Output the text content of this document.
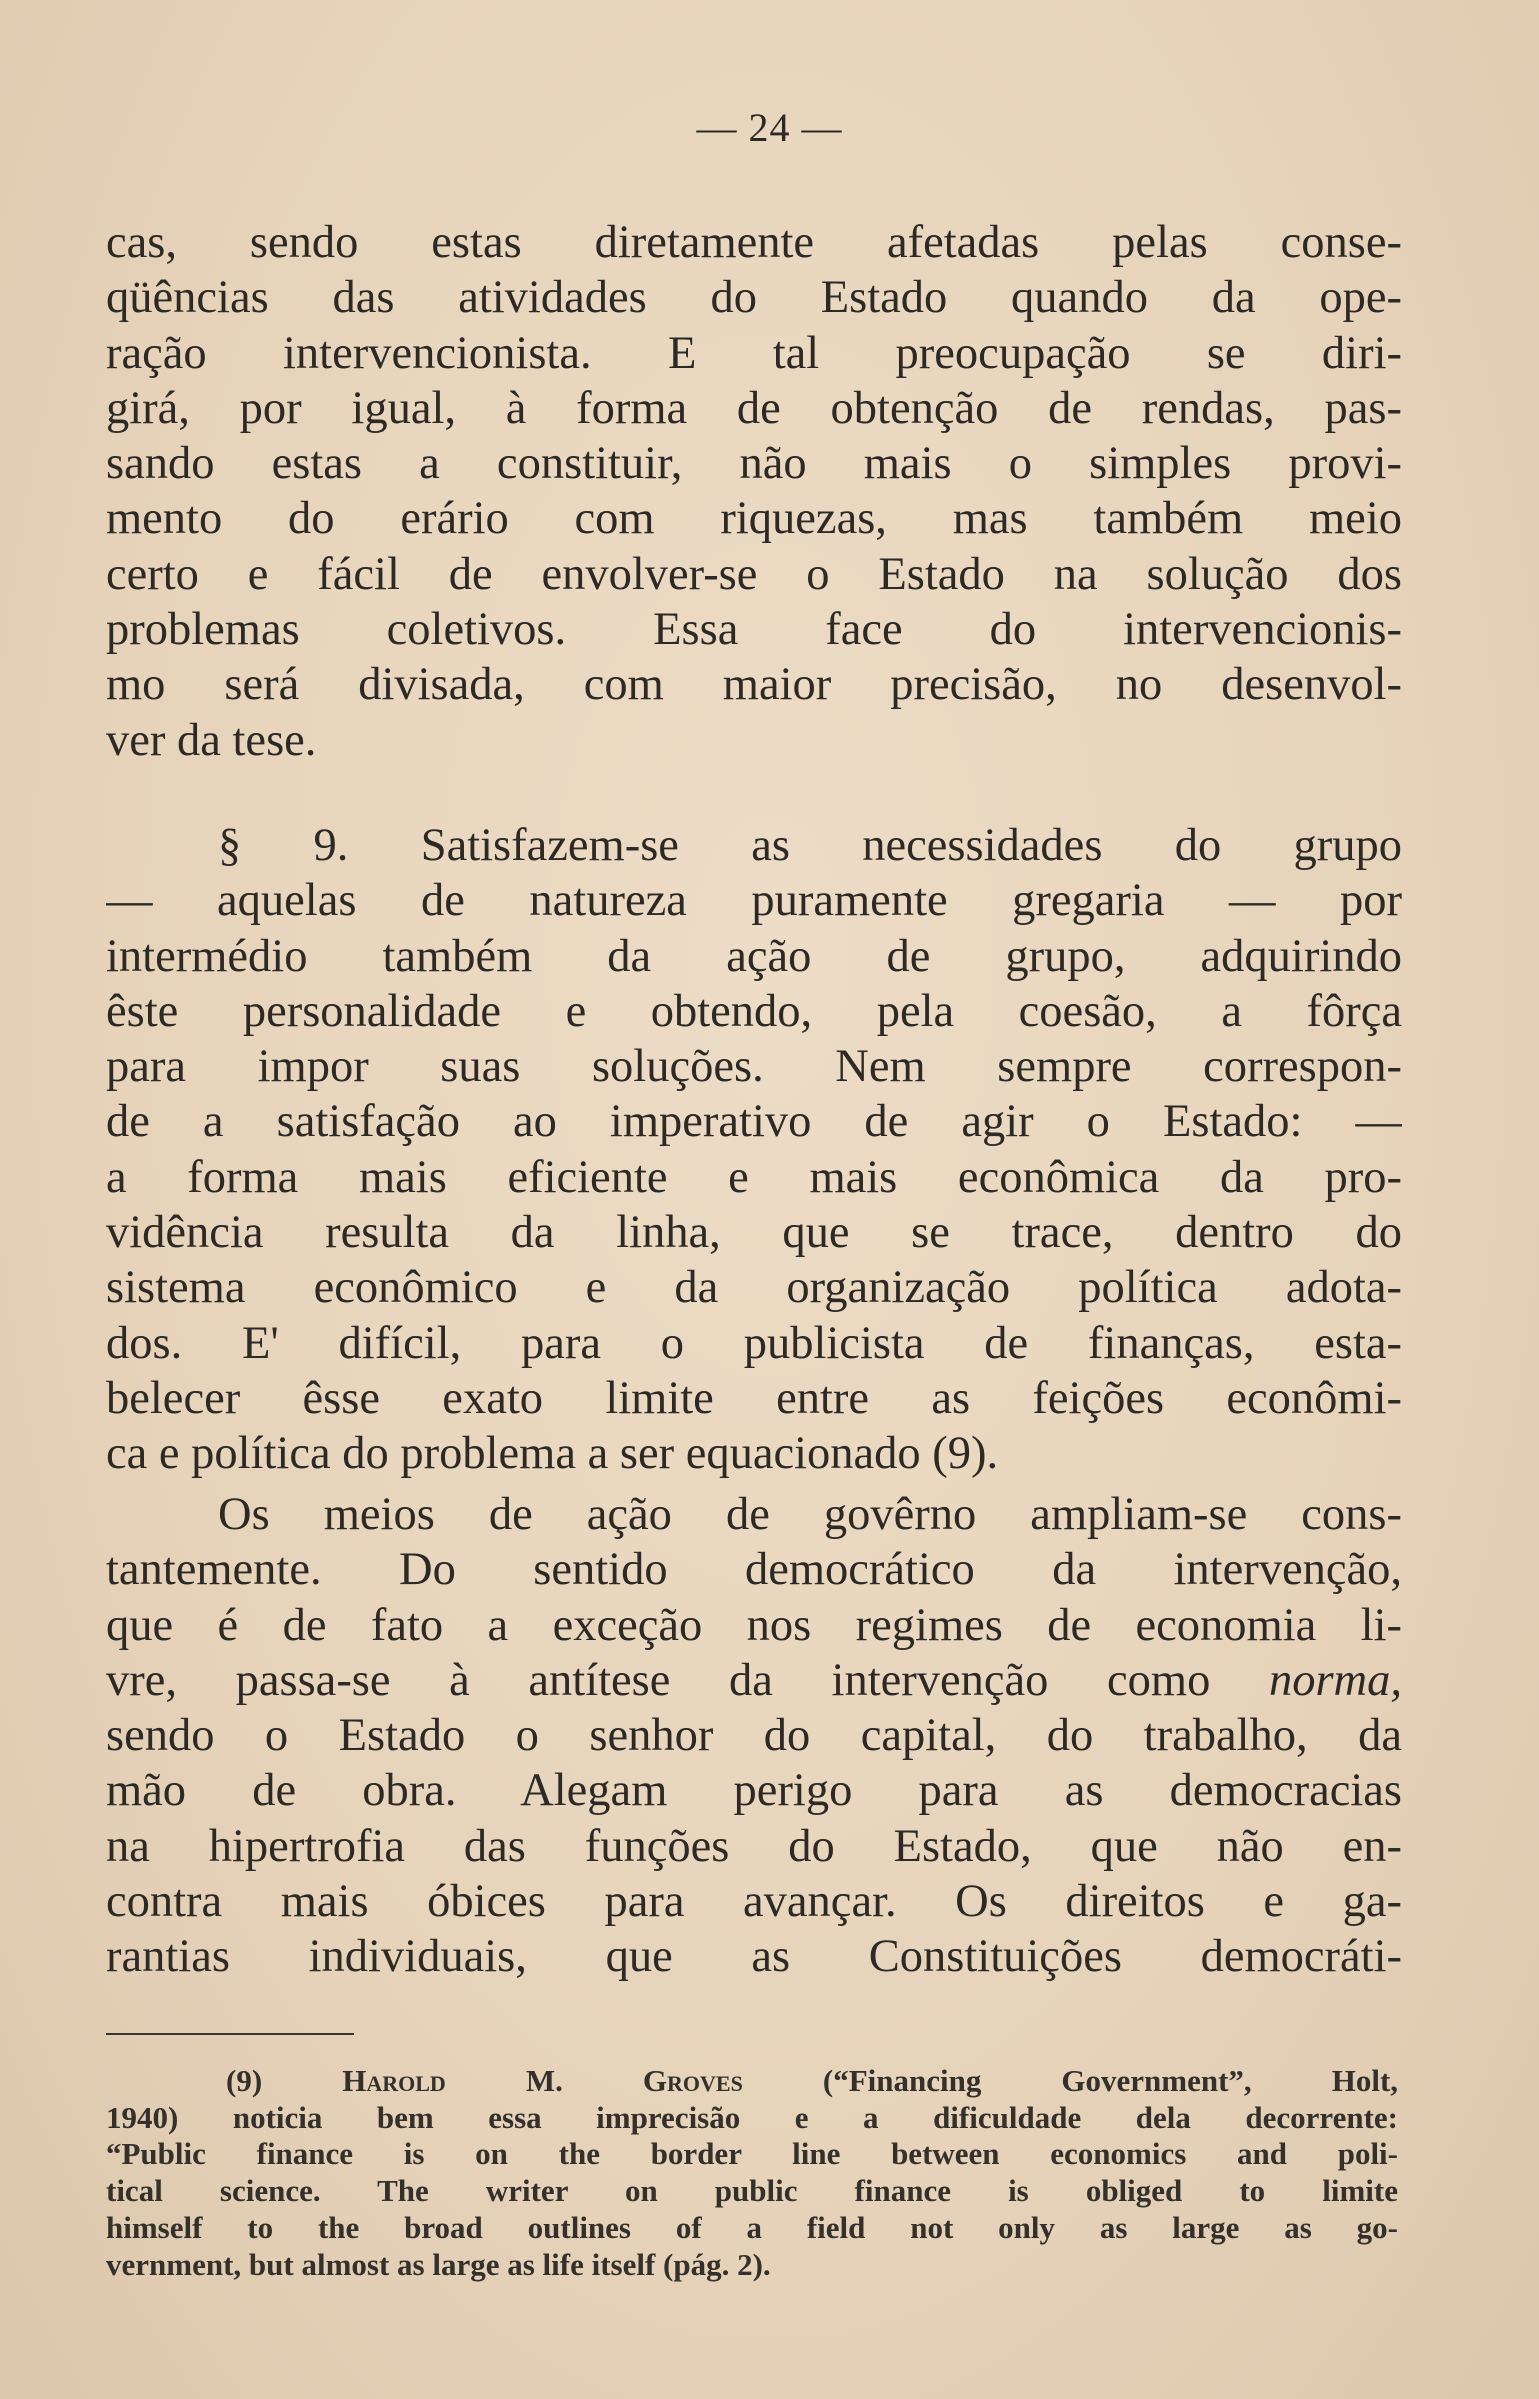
— 24 —
cas, sendo estas diretamente afetadas pelas conse-
qüências das atividades do Estado quando da ope-
ração intervencionista. E tal preocupação se diri-
girá, por igual, à forma de obtenção de rendas, pas-
sando estas a constituir, não mais o simples provi-
mento do erário com riquezas, mas também meio
certo e fácil de envolver-se o Estado na solução dos
problemas coletivos. Essa face do intervencionis-
mo será divisada, com maior precisão, no desenvol-
ver da tese.
§ 9. Satisfazem-se as necessidades do grupo
— aquelas de natureza puramente gregaria — por
intermédio também da ação de grupo, adquirindo
êste personalidade e obtendo, pela coesão, a fôrça
para impor suas soluções. Nem sempre correspon-
de a satisfação ao imperativo de agir o Estado: —
a forma mais eficiente e mais econômica da pro-
vidência resulta da linha, que se trace, dentro do
sistema econômico e da organização política adota-
dos. E' difícil, para o publicista de finanças, esta-
belecer êsse exato limite entre as feições econômi-
ca e política do problema a ser equacionado (9).
Os meios de ação de govêrno ampliam-se cons-
tantemente. Do sentido democrático da intervenção,
que é de fato a exceção nos regimes de economia li-
vre, passa-se à antítese da intervenção como norma,
sendo o Estado o senhor do capital, do trabalho, da
mão de obra. Alegam perigo para as democracias
na hipertrofia das funções do Estado, que não en-
contra mais óbices para avançar. Os direitos e ga-
rantias individuais, que as Constituições democráti-
(9)	Harold M. Groves	(“Financing Government”, Holt,
1940) noticia bem essa imprecisão e a dificuldade dela decorrente:
“Public finance is on the border line between economics and poli-
tical science. The writer on public finance is obliged to limite
himself to the broad outlines of a field not only as large as go-
vernment, but almost as large as life itself (pág. 2).
